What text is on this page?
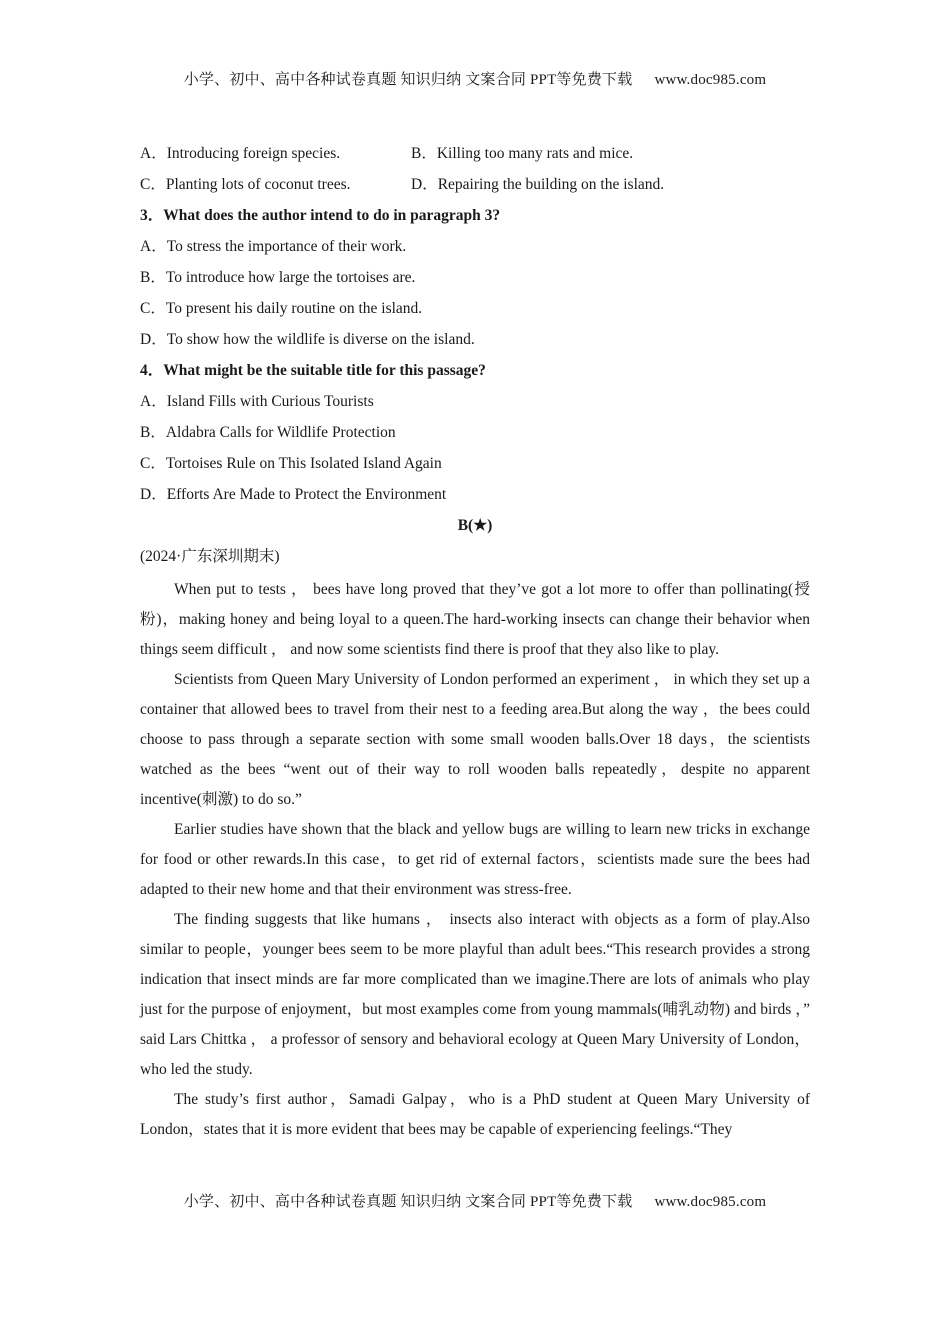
小学、初中、高中各种试卷真题 知识归纳 文案合同 PPT等免费下载 www.doc985.com
A．Introducing foreign species.	B．Killing too many rats and mice.
C．Planting lots of coconut trees.	D．Repairing the building on the island.
3．What does the author intend to do in paragraph 3?
A．To stress the importance of their work.
B．To introduce how large the tortoises are.
C．To present his daily routine on the island.
D．To show how the wildlife is diverse on the island.
4．What might be the suitable title for this passage?
A．Island Fills with Curious Tourists
B．Aldabra Calls for Wildlife Protection
C．Tortoises Rule on This Isolated Island Again
D．Efforts Are Made to Protect the Environment
B(★)
(2024·广东深圳期末)

When put to tests ， bees have long proved that they’ve got a lot more to offer than pollinating(授粉)，making honey and being loyal to a queen.The hard-working insects can change their behavior when things seem difficult ， and now some scientists find there is proof that they also like to play.

Scientists from Queen Mary University of London performed an experiment ， in which they set up a container that allowed bees to travel from their nest to a feeding area.But along the way ，the bees could choose to pass through a separate section with some small wooden balls.Over 18 days，the scientists watched as the bees “went out of their way to roll wooden balls repeatedly，despite no apparent incentive(刺激) to do so.”

Earlier studies have shown that the black and yellow bugs are willing to learn new tricks in exchange for food or other rewards.In this case，to get rid of external factors，scientists made sure the bees had adapted to their new home and that their environment was stress-free.

The finding suggests that like humans ， insects also interact with objects as a form of play.Also similar to people，younger bees seem to be more playful than adult bees.“This research provides a strong indication that insect minds are far more complicated than we imagine.There are lots of animals who play just for the purpose of enjoyment，but most examples come from young mammals(哺乳动物) and birds ，” said Lars Chittka ， a professor of sensory and behavioral ecology at Queen Mary University of London，who led the study.

The study’s first author，Samadi Galpay，who is a PhD student at Queen Mary University of London，states that it is more evident that bees may be capable of experiencing feelings.“They

小学、初中、高中各种试卷真题 知识归纳 文案合同 PPT等免费下载 www.doc985.com
